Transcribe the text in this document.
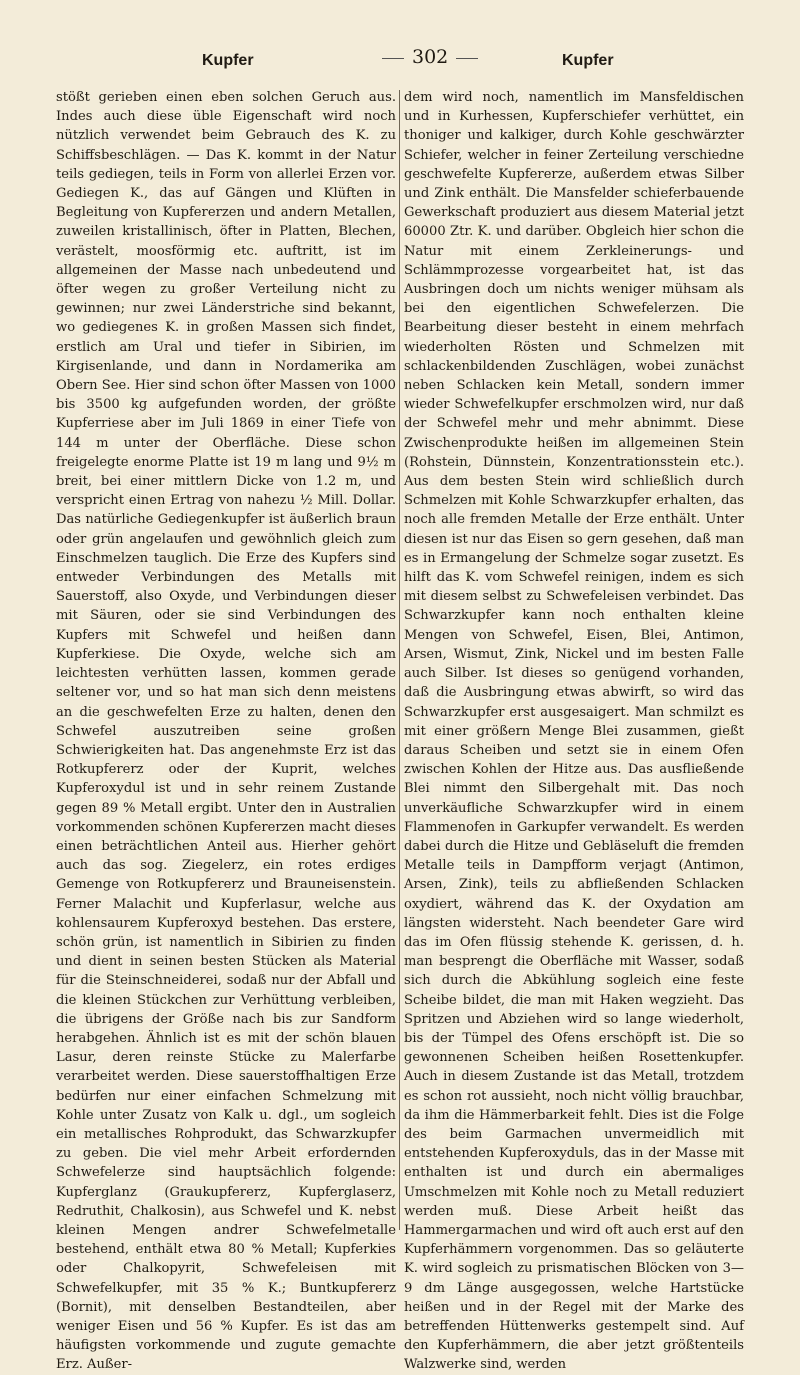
Kupfer	302	Kupfer

stößt gerieben einen eben solchen Geruch aus. Indes auch diese üble Eigenschaft wird noch nützlich verwendet beim Gebrauch des K. zu Schiffsbeschlägen. — Das K. kommt in der Natur teils gediegen, teils in Form von allerlei Erzen vor. Gediegen K., das auf Gängen und Klüften in Begleitung von Kupfererzen und andern Metallen, zuweilen kristallinisch, öfter in Platten, Blechen, verästelt, moosförmig etc. auftritt, ist im allgemeinen der Masse nach unbedeutend und öfter wegen zu großer Verteilung nicht zu gewinnen; nur zwei Länderstriche sind bekannt, wo gediegenes K. in großen Massen sich findet, erstlich am Ural und tiefer in Sibirien, im Kirgisenlande, und dann in Nordamerika am Obern See. Hier sind schon öfter Massen von 1000 bis 3500 kg aufgefunden worden, der größte Kupferriese aber im Juli 1869 in einer Tiefe von 144 m unter der Oberfläche. Diese schon freigelegte enorme Platte ist 19 m lang und 9½ m breit, bei einer mittlern Dicke von 1.2 m, und verspricht einen Ertrag von nahezu ½ Mill. Dollar. Das natürliche Gediegenkupfer ist äußerlich braun oder grün angelaufen und gewöhnlich gleich zum Einschmelzen tauglich. Die Erze des Kupfers sind entweder Verbindungen des Metalls mit Sauerstoff, also Oxyde, und Verbindungen dieser mit Säuren, oder sie sind Verbindungen des Kupfers mit Schwefel und heißen dann Kupferkiese. Die Oxyde, welche sich am leichtesten verhütten lassen, kommen gerade seltener vor, und so hat man sich denn meistens an die geschwefelten Erze zu halten, denen den Schwefel auszutreiben seine großen Schwierigkeiten hat. Das angenehmste Erz ist das Rotkupfererz oder der Kuprit, welches Kupferoxydul ist und in sehr reinem Zustande gegen 89 % Metall ergibt. Unter den in Australien vorkommenden schönen Kupfererzen macht dieses einen beträchtlichen Anteil aus. Hierher gehört auch das sog. Ziegelerz, ein rotes erdiges Gemenge von Rotkupfererz und Brauneisenstein. Ferner Malachit und Kupferlasur, welche aus kohlensaurem Kupferoxyd bestehen. Das erstere, schön grün, ist namentlich in Sibirien zu finden und dient in seinen besten Stücken als Material für die Steinschneiderei, sodaß nur der Abfall und die kleinen Stückchen zur Verhüttung verbleiben, die übrigens der Größe nach bis zur Sandform herabgehen. Ähnlich ist es mit der schön blauen Lasur, deren reinste Stücke zu Malerfarbe verarbeitet werden. Diese sauerstoffhaltigen Erze bedürfen nur einer einfachen Schmelzung mit Kohle unter Zusatz von Kalk u. dgl., um sogleich ein metallisches Rohprodukt, das Schwarzkupfer zu geben. Die viel mehr Arbeit erfordernden Schwefelerze sind hauptsächlich folgende: Kupferglanz (Graukupfererz, Kupferglaserz, Redruthit, Chalkosin), aus Schwefel und K. nebst kleinen Mengen andrer Schwefelmetalle bestehend, enthält etwa 80 % Metall; Kupferkies oder Chalkopyrit, Schwefeleisen mit Schwefelkupfer, mit 35 % K.; Buntkupfererz (Bornit), mit denselben Bestandteilen, aber weniger Eisen und 56 % Kupfer. Es ist das am häufigsten vorkommende und zugute gemachte Erz. Außer-

dem wird noch, namentlich im Mansfeldischen und in Kurhessen, Kupferschiefer verhüttet, ein thoniger und kalkiger, durch Kohle geschwärzter Schiefer, welcher in feiner Zerteilung verschiedne geschwefelte Kupfererze, außerdem etwas Silber und Zink enthält. Die Mansfelder schieferbauende Gewerkschaft produziert aus diesem Material jetzt 60000 Ztr. K. und darüber. Obgleich hier schon die Natur mit einem Zerkleinerungs- und Schlämmprozesse vorgearbeitet hat, ist das Ausbringen doch um nichts weniger mühsam als bei den eigentlichen Schwefelerzen. Die Bearbeitung dieser besteht in einem mehrfach wiederholten Rösten und Schmelzen mit schlackenbildenden Zuschlägen, wobei zunächst neben Schlacken kein Metall, sondern immer wieder Schwefelkupfer erschmolzen wird, nur daß der Schwefel mehr und mehr abnimmt. Diese Zwischenprodukte heißen im allgemeinen Stein (Rohstein, Dünnstein, Konzentrationsstein etc.). Aus dem besten Stein wird schließlich durch Schmelzen mit Kohle Schwarzkupfer erhalten, das noch alle fremden Metalle der Erze enthält. Unter diesen ist nur das Eisen so gern gesehen, daß man es in Ermangelung der Schmelze sogar zusetzt. Es hilft das K. vom Schwefel reinigen, indem es sich mit diesem selbst zu Schwefeleisen verbindet. Das Schwarzkupfer kann noch enthalten kleine Mengen von Schwefel, Eisen, Blei, Antimon, Arsen, Wismut, Zink, Nickel und im besten Falle auch Silber. Ist dieses so genügend vorhanden, daß die Ausbringung etwas abwirft, so wird das Schwarzkupfer erst ausgesaigert. Man schmilzt es mit einer größern Menge Blei zusammen, gießt daraus Scheiben und setzt sie in einem Ofen zwischen Kohlen der Hitze aus. Das ausfließende Blei nimmt den Silbergehalt mit. Das noch unverkäufliche Schwarzkupfer wird in einem Flammenofen in Garkupfer verwandelt. Es werden dabei durch die Hitze und Gebläseluft die fremden Metalle teils in Dampfform verjagt (Antimon, Arsen, Zink), teils zu abfließenden Schlacken oxydiert, während das K. der Oxydation am längsten widersteht. Nach beendeter Gare wird das im Ofen flüssig stehende K. gerissen, d. h. man besprengt die Oberfläche mit Wasser, sodaß sich durch die Abkühlung sogleich eine feste Scheibe bildet, die man mit Haken wegzieht. Das Spritzen und Abziehen wird so lange wiederholt, bis der Tümpel des Ofens erschöpft ist. Die so gewonnenen Scheiben heißen Rosettenkupfer. Auch in diesem Zustande ist das Metall, trotzdem es schon rot aussieht, noch nicht völlig brauchbar, da ihm die Hämmerbarkeit fehlt. Dies ist die Folge des beim Garmachen unvermeidlich mit entstehenden Kupferoxyduls, das in der Masse mit enthalten ist und durch ein abermaliges Umschmelzen mit Kohle noch zu Metall reduziert werden muß. Diese Arbeit heißt das Hammergarmachen und wird oft auch erst auf den Kupferhämmern vorgenommen. Das so geläuterte K. wird sogleich zu prismatischen Blöcken von 3—9 dm Länge ausgegossen, welche Hartstücke heißen und in der Regel mit der Marke des betreffenden Hüttenwerks gestempelt sind. Auf den Kupferhämmern, die aber jetzt größtenteils Walzwerke sind, werden
